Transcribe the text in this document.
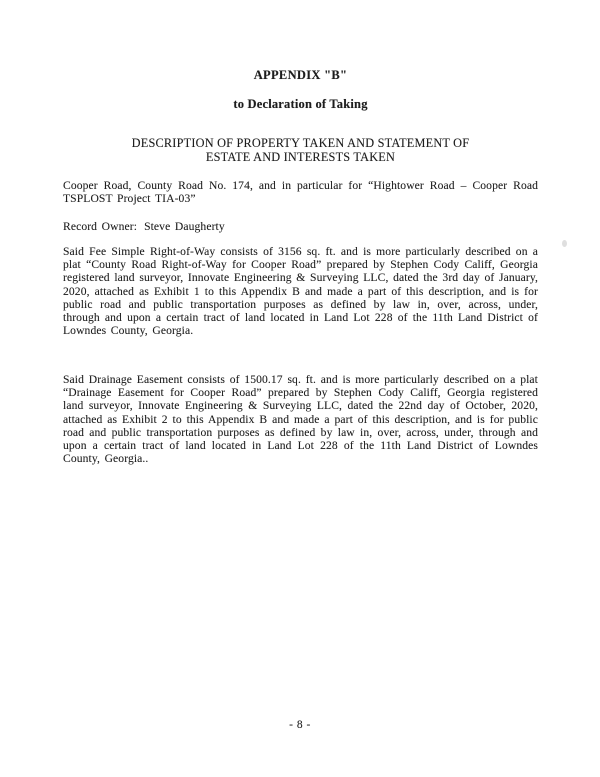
APPENDIX "B"
to Declaration of Taking
DESCRIPTION OF PROPERTY TAKEN AND STATEMENT OF
ESTATE AND INTERESTS TAKEN
Cooper Road, County Road No. 174, and in particular for “Hightower Road – Cooper Road TSPLOST Project TIA-03”
Record Owner: Steve Daugherty
Said Fee Simple Right-of-Way consists of 3156 sq. ft. and is more particularly described on a plat “County Road Right-of-Way for Cooper Road” prepared by Stephen Cody Califf, Georgia registered land surveyor, Innovate Engineering & Surveying LLC, dated the 3rd day of January, 2020, attached as Exhibit 1 to this Appendix B and made a part of this description, and is for public road and public transportation purposes as defined by law in, over, across, under, through and upon a certain tract of land located in Land Lot 228 of the 11th Land District of Lowndes County, Georgia.
Said Drainage Easement consists of 1500.17 sq. ft. and is more particularly described on a plat “Drainage Easement for Cooper Road” prepared by Stephen Cody Califf, Georgia registered land surveyor, Innovate Engineering & Surveying LLC, dated the 22nd day of October, 2020, attached as Exhibit 2 to this Appendix B and made a part of this description, and is for public road and public transportation purposes as defined by law in, over, across, under, through and upon a certain tract of land located in Land Lot 228 of the 11th Land District of Lowndes County, Georgia..
- 8 -
